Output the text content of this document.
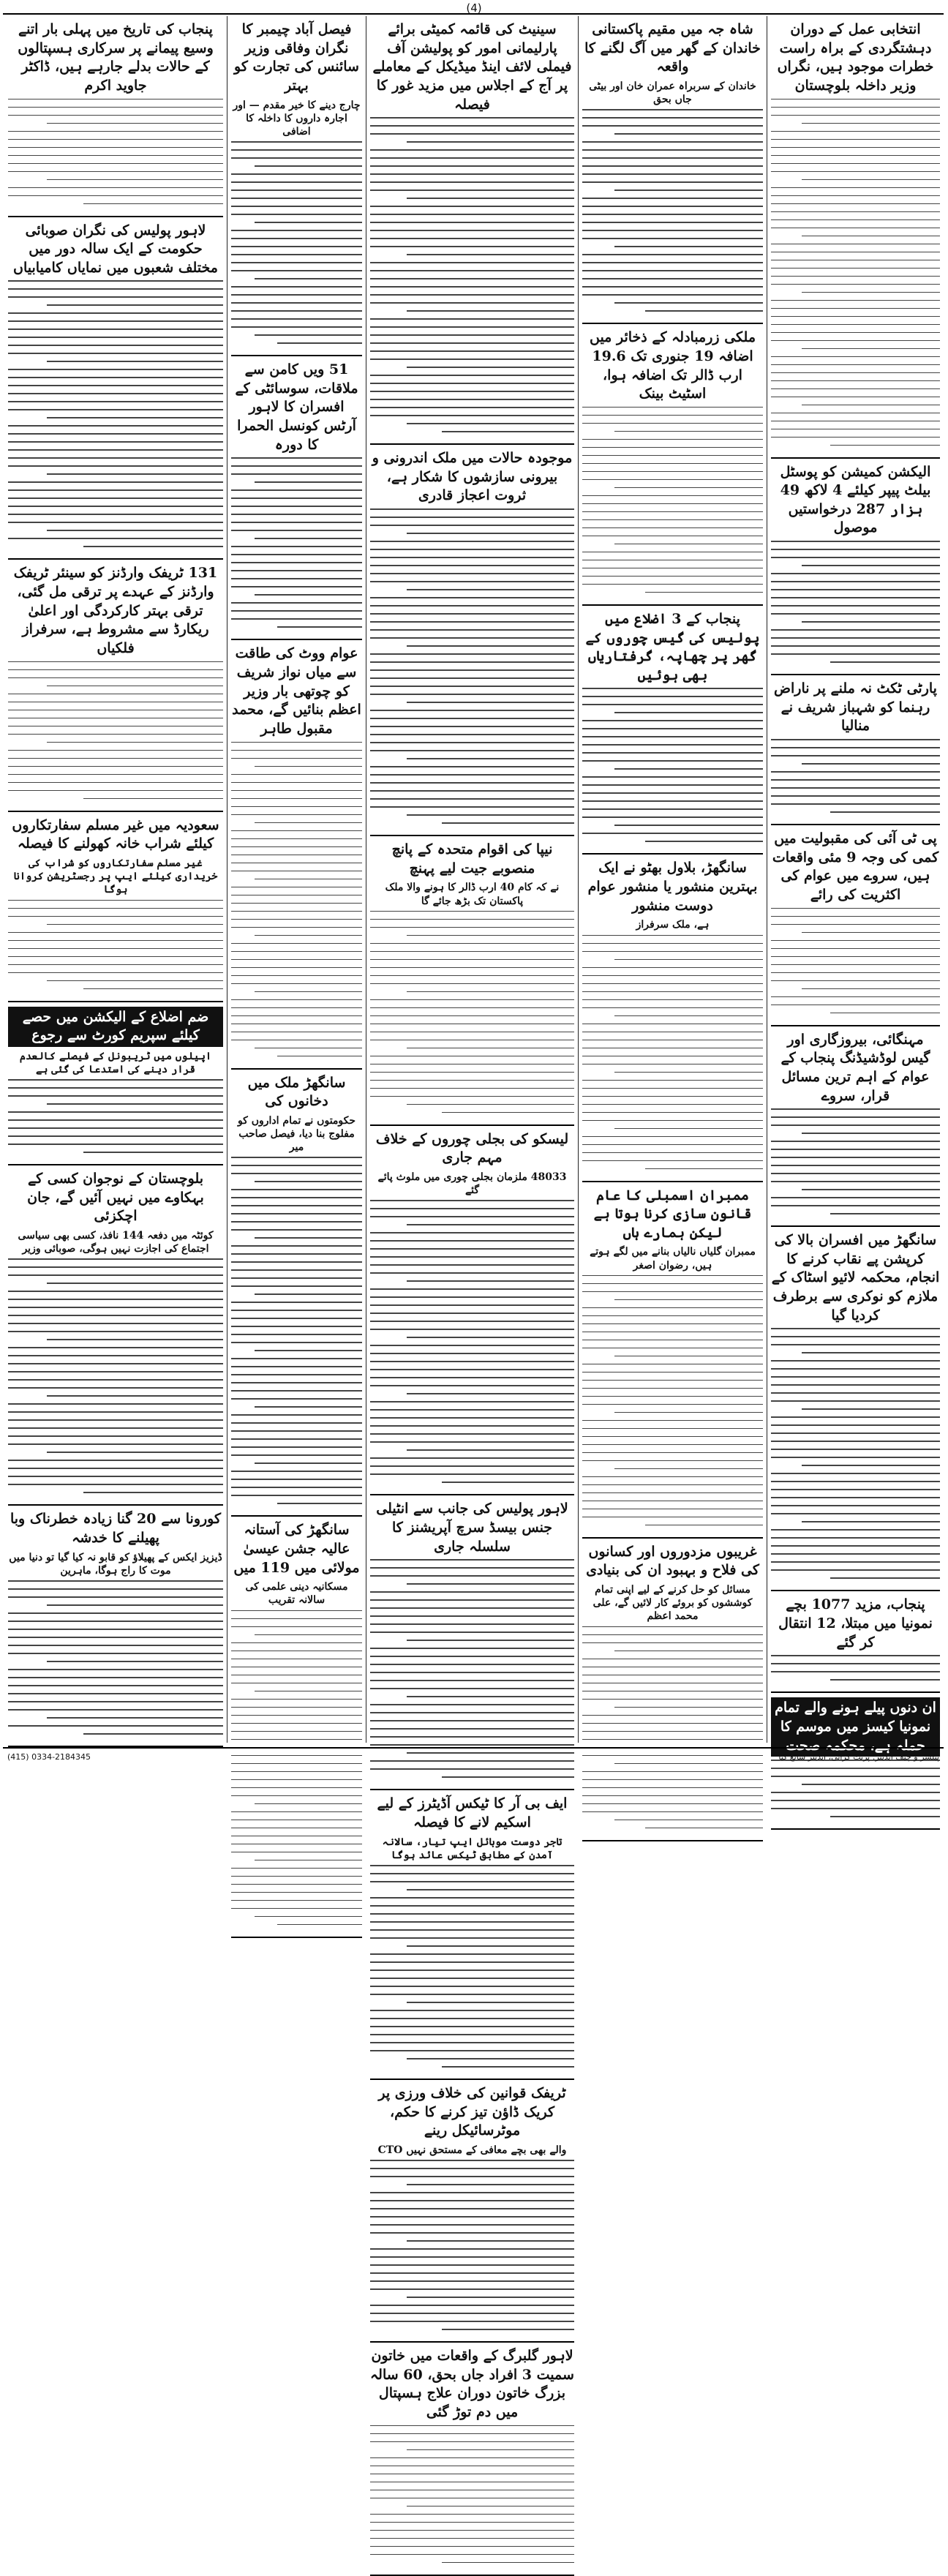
(4)
انتخابی عمل کے دوران دہشتگردی کے براہ راست خطرات موجود ہیں، نگراں وزیر داخلہ بلوچستان
الیکشن کمیشن کو پوسٹل بیلٹ پیپر کیلئے 4 لاکھ 49 ہزار 287 درخواستیں موصول
پارٹی ٹکٹ نہ ملنے پر ناراض رہنما کو شہباز شریف نے منالیا
پی ٹی آئی کی مقبولیت میں کمی کی وجہ 9 مئی واقعات ہیں، سروے میں عوام کی اکثریت کی رائے
مہنگائی، بیروزگاری اور گیس لوڈشیڈنگ پنجاب کے عوام کے اہم ترین مسائل قرار، سروے
سانگھڑ میں افسران بالا کی کرپشن پے نقاب کرنے کا انجام، محکمہ لائیو اسٹاک کے ملازم کو نوکری سے برطرف کردیا گیا
پنجاب، مزید 1077 بچے نمونیا میں مبتلا، 12 انتقال کر گئے
ان دنوں پیلے ہونے والے تمام نمونیا کیسز میں موسم کا حملہ ہے، محکمہ صحت
شاہ جہ میں مقیم پاکستانی خاندان کے گھر میں آگ لگنے کا واقعہ
خاندان کے سربراہ عمران خان اور بیٹی جاں بحق
ملکی زرمبادلہ کے ذخائر میں اضافہ 19 جنوری تک 19.6 ارب ڈالر تک اضافہ ہوا، اسٹیٹ بینک
پنجاب کے 3 اضلاع میں پولیس کی گیس چوروں کے گھر پر چھاپہ، گرفتاریاں بھی ہوئیں
سانگھڑ، بلاول بھٹو نے ایک بہترین منشور یا منشور عوام دوست منشور
ہے، ملک سرفراز
ممبران اسمبلی کا عام قانون سازی کرنا ہوتا ہے لیکن ہمارے ہاں
ممبران گلیاں نالیاں بنانے میں لگے ہوتے ہیں، رضوان اصغر
غریبوں مزدوروں اور کسانوں کی فلاح و بہبود ان کی بنیادی
مسائل کو حل کرنے کے لیے اپنی تمام کوششوں کو بروئے کار لائیں گے، علی محمد اعظم
سینیٹ کی قائمہ کمیٹی برائے پارلیمانی امور کو پولیشن آف فیملی لائف اینڈ میڈیکل کے معاملے پر آج کے اجلاس میں مزید غور کا فیصلہ
موجودہ حالات میں ملک اندرونی و بیرونی سازشوں کا شکار ہے، ثروت اعجاز قادری
نیپا کی اقوام متحدہ کے پانچ منصوبے جیت لیے پہنچ
نے کہ کام 40 ارب ڈالر کا ہونے والا ملک پاکستان تک بڑھ جائے گا
لیسکو کی بجلی چوروں کے خلاف مہم جاری
48033 ملزمان بجلی چوری میں ملوث پائے گئے
لاہور پولیس کی جانب سے انٹیلی جنس بیسڈ سرچ آپریشنز کا سلسلہ جاری
ایف بی آر کا ٹیکس آڈیٹرز کے لیے اسکیم لانے کا فیصلہ
تاجر دوست موبائل ایپ تیار، سالانہ آمدن کے مطابق ٹیکس عائد ہوگا
ٹریفک قوانین کی خلاف ورزی پر کریک ڈاؤن تیز کرنے کا حکم، موٹرسائیکل رینے
والے بھی بچے معافی کے مستحق نہیں CTO
لاہور گلبرگ کے واقعات میں خاتون سمیت 3 افراد جاں بحق، 60 سالہ بزرگ خاتون دوران علاج ہسپتال میں دم توڑ گئی
فیصل آباد چیمبر کا نگران وفاقی وزیر سائنس کی تجارت کو بہتر
چارج دینے کا خیر مقدم — اور اجارہ داروں کا داخلہ کا اضافی
51 ویں کامن سے ملاقات، سوسائٹی کے افسران کا لاہور آرٹس کونسل الحمرا کا دورہ
عوام ووٹ کی طاقت سے میاں نواز شریف کو چوتھی بار وزیر اعظم بنائیں گے، محمد مقبول طاہر
سانگھڑ ملک میں دخانوں کی
حکومتوں نے تمام اداروں کو مفلوج بنا دیا، فیصل صاحب میر
سانگھڑ کی آستانہ عالیہ جشن عیسیٰ مولائی میں 119 میں
مسکانیہ دینی علمی کی سالانہ تقریب
پنجاب کی تاریخ میں پہلی بار اتنے وسیع پیمانے پر سرکاری ہسپتالوں کے حالات بدلے جارہے ہیں، ڈاکٹر جاوید اکرم
لاہور پولیس کی نگران صوبائی حکومت کے ایک سالہ دور میں مختلف شعبوں میں نمایاں کامیابیاں
131 ٹریفک وارڈنز کو سینئر ٹریفک وارڈنز کے عہدے پر ترقی مل گئی، ترقی بہتر کارکردگی اور اعلیٰ ریکارڈ سے مشروط ہے، سرفراز فلکیاں
سعودیہ میں غیر مسلم سفارتکاروں کیلئے شراب خانہ کھولنے کا فیصلہ
غیر مسلم سفارتکاروں کو شراب کی خریداری کیلئے ایپ پر رجسٹریشن کروانا ہوگا
ضم اضلاع کے الیکشن میں حصے کیلئے سپریم کورٹ سے رجوع
اپیلوں میں ٹریبونل کے فیصلے کالعدم قرار دینے کی استدعا کی گئی ہے
بلوچستان کے نوجوان کسی کے بہکاوے میں نہیں آئیں گے، جان اچکزئی
کوئٹہ میں دفعہ 144 نافذ، کسی بھی سیاسی اجتماع کی اجازت نہیں ہوگی، صوبائی وزیر
کورونا سے 20 گنا زیادہ خطرناک وبا پھیلنے کا خدشہ
ڈیزیز ایکس کے پھیلاؤ کو قابو نہ کیا گیا تو دنیا میں موت کا راج ہوگا، ماہرین
پبلشر و چیف ایڈیٹر: پرنٹ کرائی، ایڈیٹر شائع کیا
0334-2184345 (415)
